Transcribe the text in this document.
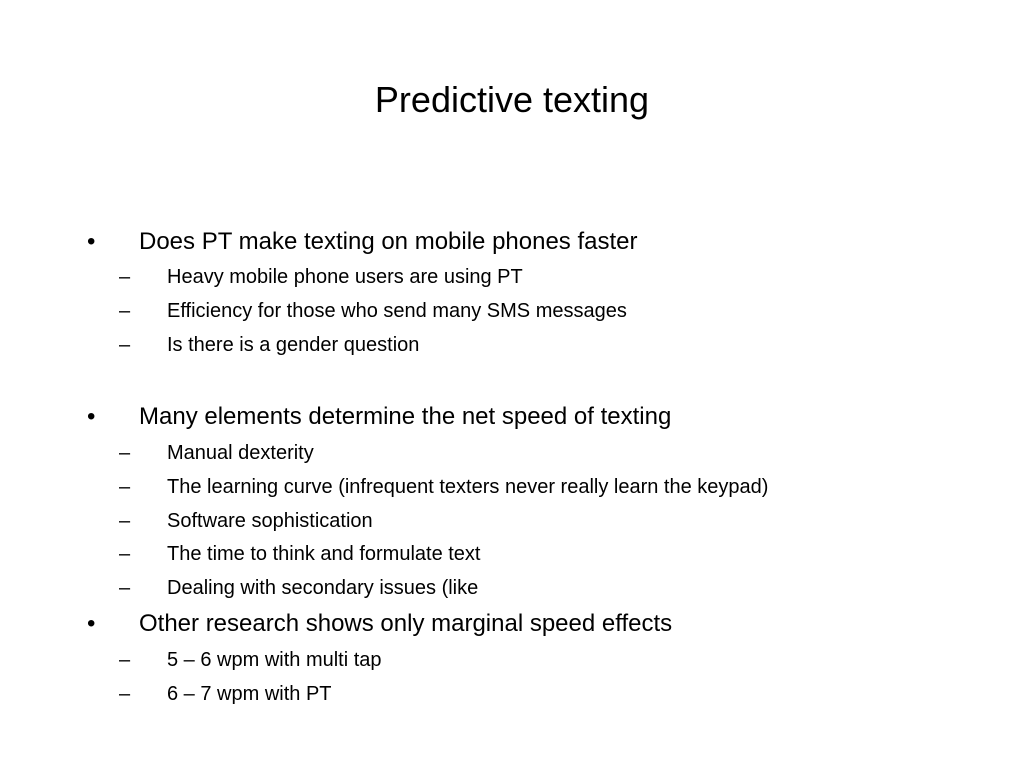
Predictive texting
• Does PT make texting on mobile phones faster
– Heavy mobile phone users are using PT
– Efficiency for those who send many SMS messages
– Is there is a gender question
• Many elements determine the net speed of texting
– Manual dexterity
– The learning curve (infrequent texters never really learn the keypad)
– Software sophistication
– The time to think and formulate text
– Dealing with secondary issues (like
• Other research shows only marginal speed effects
– 5 – 6 wpm with multi tap
– 6 – 7 wpm with PT
